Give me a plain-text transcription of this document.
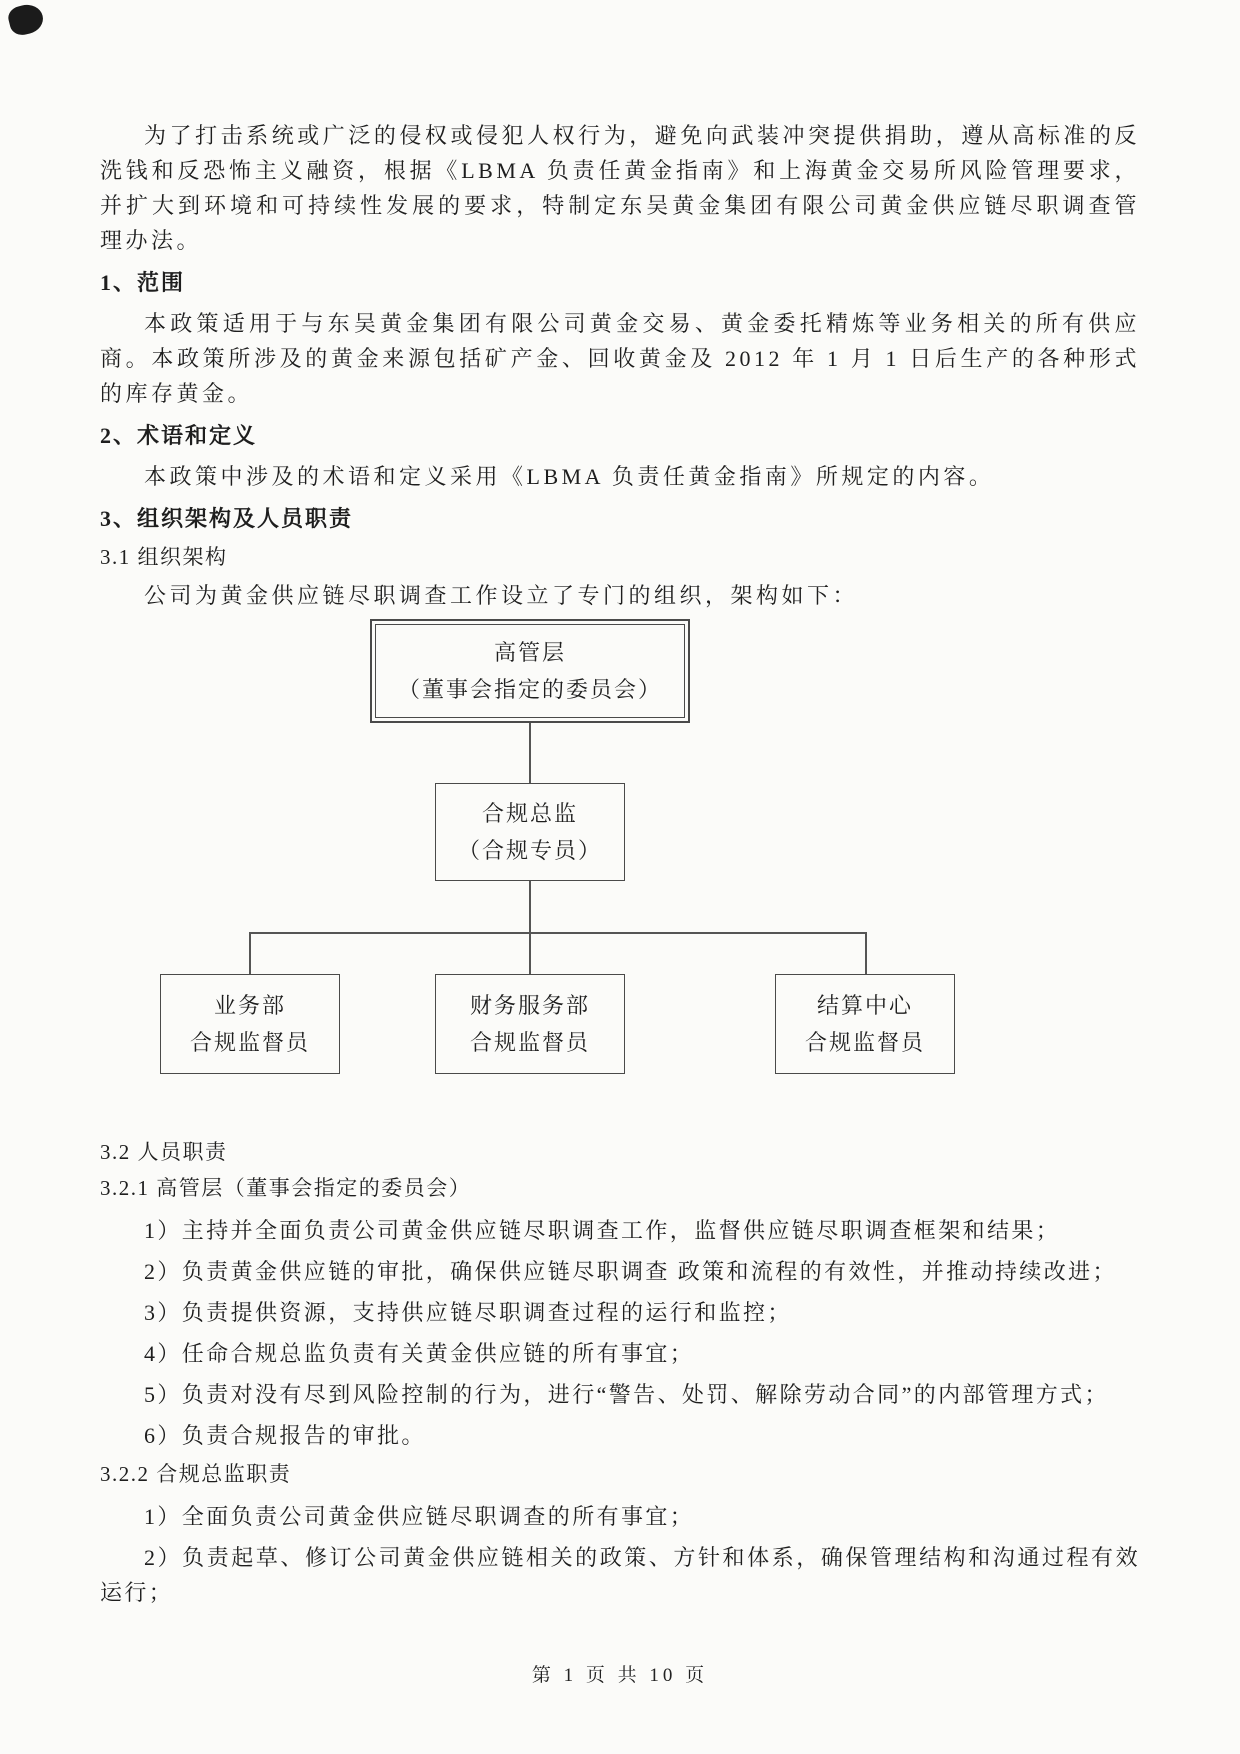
为了打击系统或广泛的侵权或侵犯人权行为，避免向武装冲突提供捐助，遵从高标准的反洗钱和反恐怖主义融资，根据《LBMA 负责任黄金指南》和上海黄金交易所风险管理要求，并扩大到环境和可持续性发展的要求，特制定东吴黄金集团有限公司黄金供应链尽职调查管理办法。

1、范围

本政策适用于与东吴黄金集团有限公司黄金交易、黄金委托精炼等业务相关的所有供应商。本政策所涉及的黄金来源包括矿产金、回收黄金及 2012 年 1 月 1 日后生产的各种形式的库存黄金。

2、术语和定义

本政策中涉及的术语和定义采用《LBMA 负责任黄金指南》所规定的内容。

3、组织架构及人员职责
3.1 组织架构

公司为黄金供应链尽职调查工作设立了专门的组织，架构如下：

高管层
（董事会指定的委员会）
合规总监
（合规专员）
业务部
合规监督员
财务服务部
合规监督员
结算中心
合规监督员
3.2 人员职责
3.2.1 高管层（董事会指定的委员会）

1）主持并全面负责公司黄金供应链尽职调查工作，监督供应链尽职调查框架和结果；

2）负责黄金供应链的审批，确保供应链尽职调查 政策和流程的有效性，并推动持续改进；

3）负责提供资源，支持供应链尽职调查过程的运行和监控；

4）任命合规总监负责有关黄金供应链的所有事宜；

5）负责对没有尽到风险控制的行为，进行“警告、处罚、解除劳动合同”的内部管理方式；

6）负责合规报告的审批。

3.2.2 合规总监职责

1）全面负责公司黄金供应链尽职调查的所有事宜；

2）负责起草、修订公司黄金供应链相关的政策、方针和体系，确保管理结构和沟通过程有效运行；

第 1 页 共 10 页
